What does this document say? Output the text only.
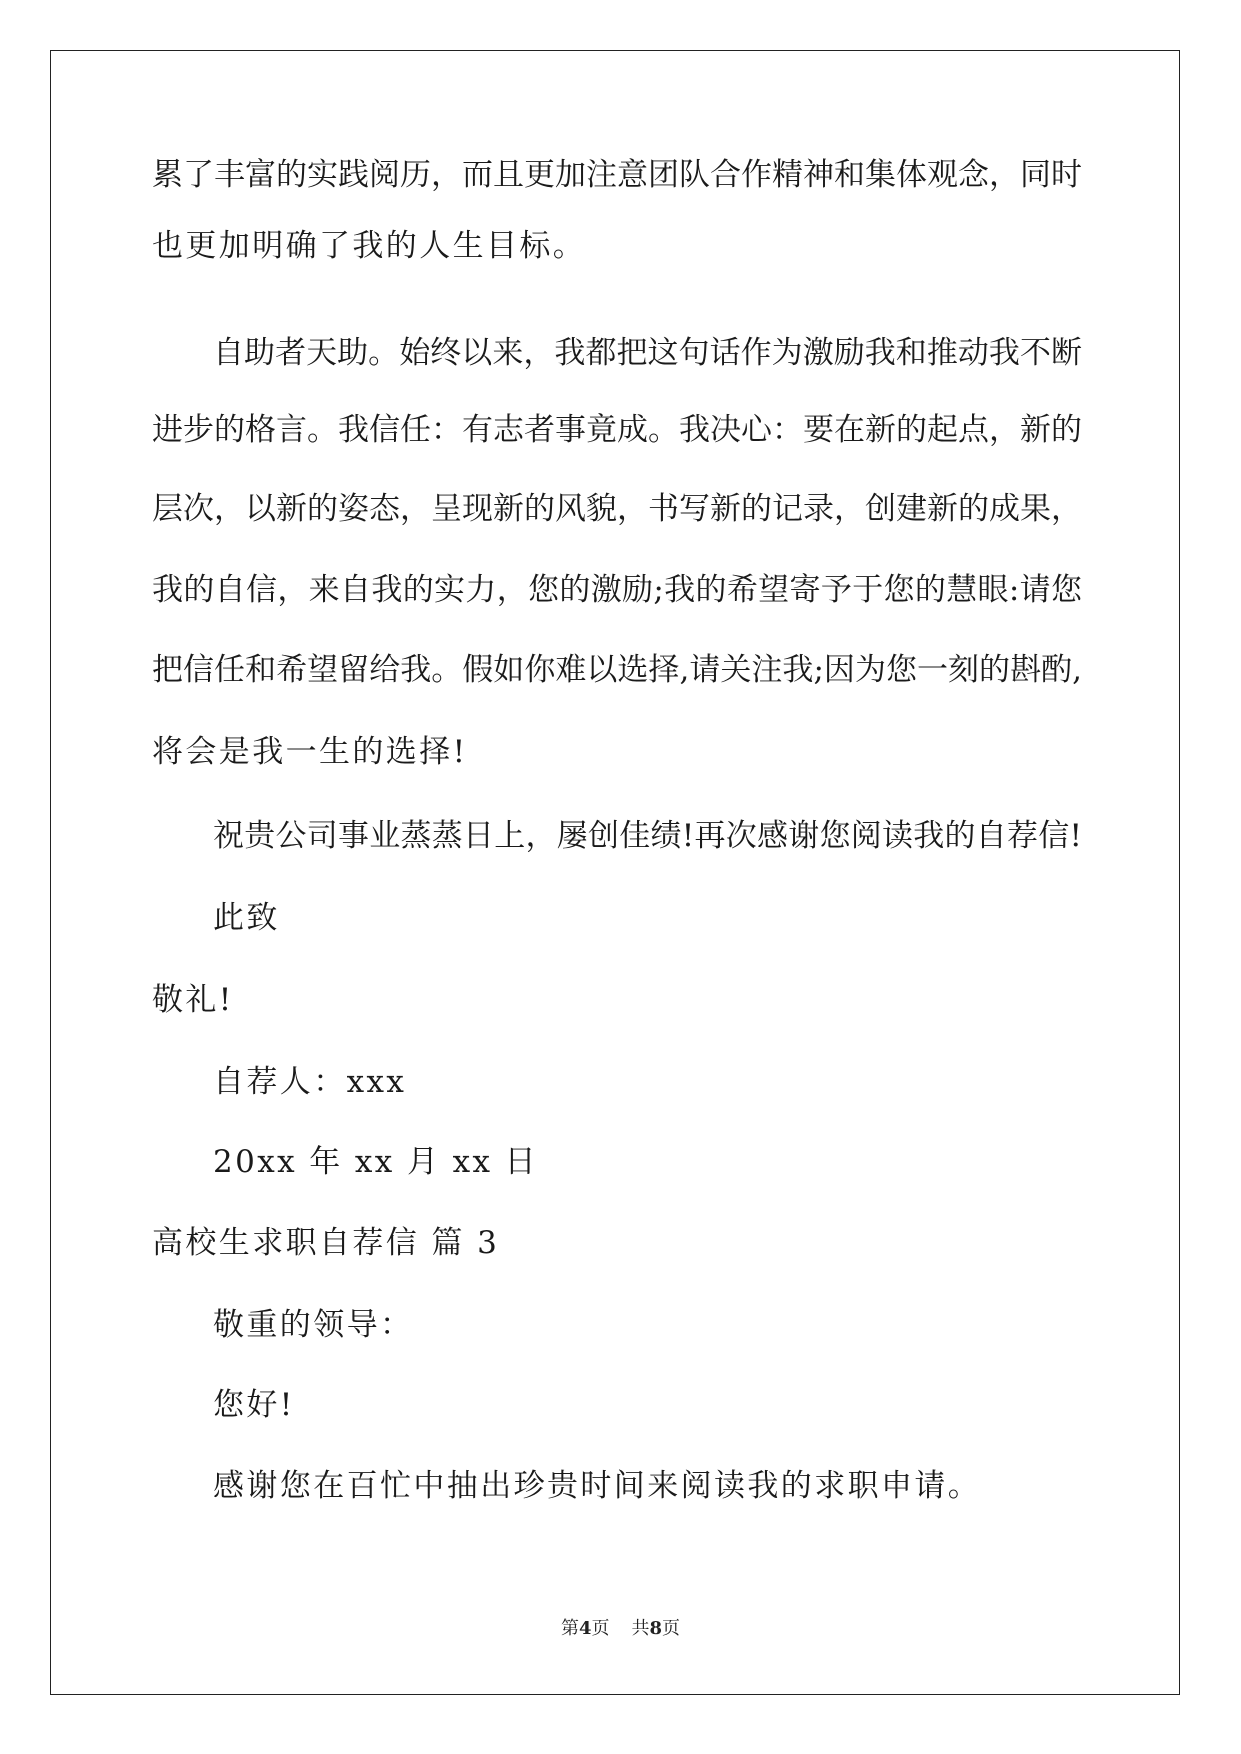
累了丰富的实践阅历，而且更加注意团队合作精神和集体观念，同时
也更加明确了我的人生目标。
自助者天助。始终以来，我都把这句话作为激励我和推动我不断
进步的格言。我信任：有志者事竟成。我决心：要在新的起点，新的
层次，以新的姿态，呈现新的风貌，书写新的记录，创建新的成果，
我的自信，来自我的实力，您的激励;我的希望寄予于您的慧眼:请您
把信任和希望留给我。假如你难以选择,请关注我;因为您一刻的斟酌,
将会是我一生的选择!
祝贵公司事业蒸蒸日上，屡创佳绩!再次感谢您阅读我的自荐信!
此致
敬礼!
自荐人：xxx
20xx 年 xx 月 xx 日
高校生求职自荐信 篇 3
敬重的领导：
您好!
感谢您在百忙中抽出珍贵时间来阅读我的求职申请。
第4页 共8页
